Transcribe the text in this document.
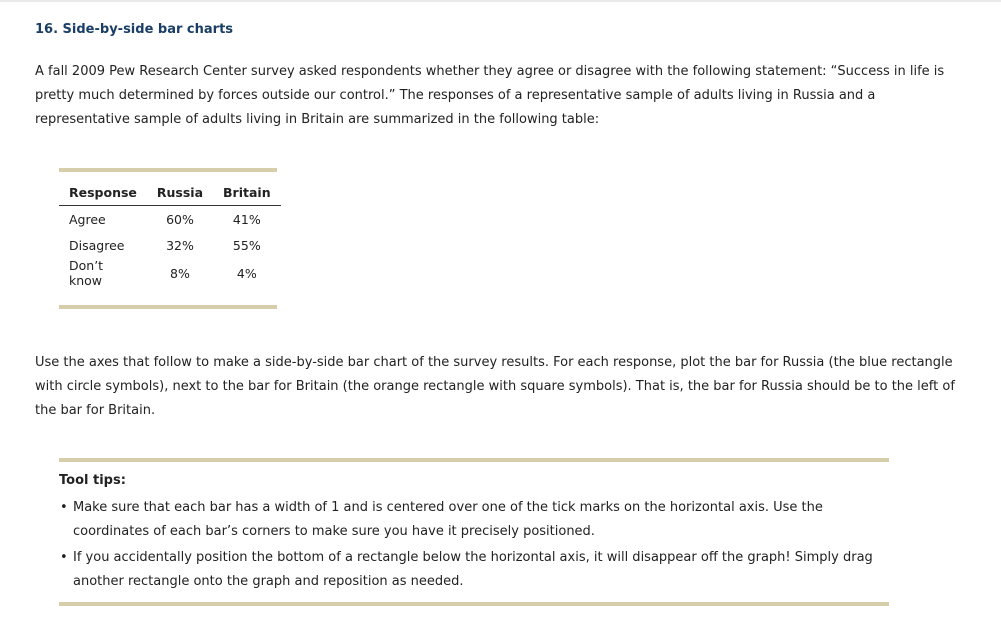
16. Side-by-side bar charts

A fall 2009 Pew Research Center survey asked respondents whether they agree or disagree with the following statement: “Success in life is pretty much determined by forces outside our control.” The responses of a representative sample of adults living in Russia and a representative sample of adults living in Britain are summarized in the following table:

Response	Russia	Britain
Agree	60%	41%
Disagree	32%	55%
Don’t know	8%	4%

Use the axes that follow to make a side-by-side bar chart of the survey results. For each response, plot the bar for Russia (the blue rectangle with circle symbols), next to the bar for Britain (the orange rectangle with square symbols). That is, the bar for Russia should be to the left of the bar for Britain.

Tool tips:

• Make sure that each bar has a width of 1 and is centered over one of the tick marks on the horizontal axis. Use the coordinates of each bar’s corners to make sure you have it precisely positioned.
• If you accidentally position the bottom of a rectangle below the horizontal axis, it will disappear off the graph! Simply drag another rectangle onto the graph and reposition as needed.
